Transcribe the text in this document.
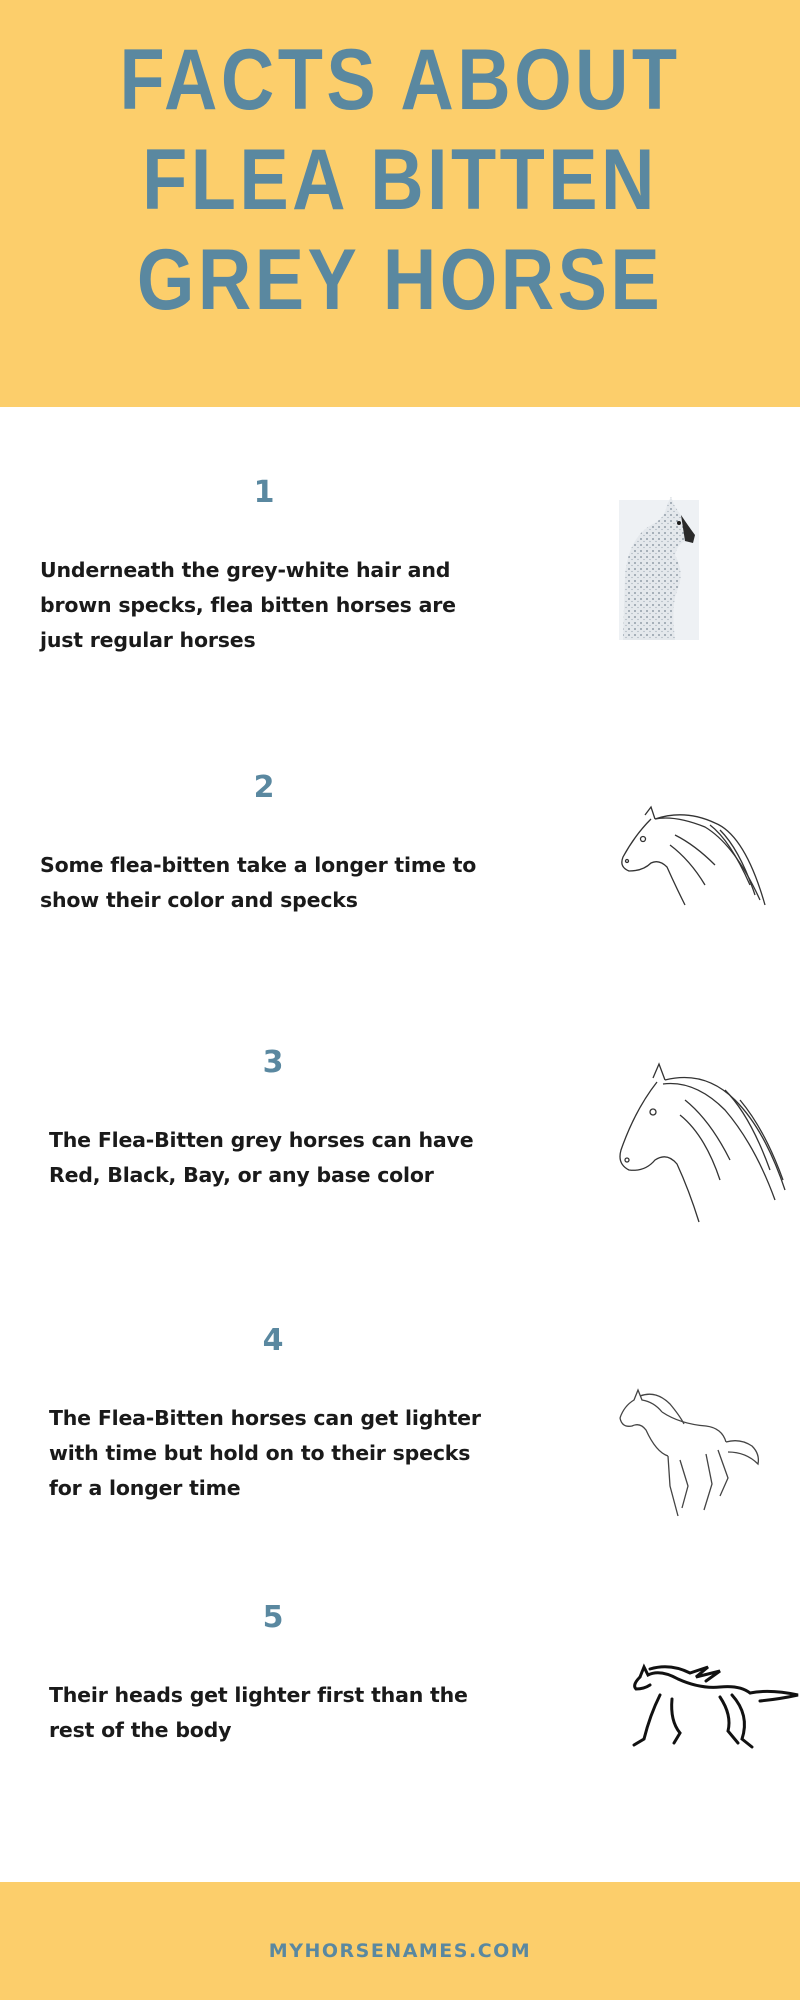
FACTS ABOUT
FLEA BITTEN
GREY HORSE
1
Underneath the grey-white hair and brown specks, flea bitten horses are just regular horses
2
Some flea-bitten take a longer time to show their color and specks
3
The Flea-Bitten grey horses can have Red, Black, Bay, or any base color
4
The Flea-Bitten horses can get lighter with time but hold on to their specks for a longer time
5
Their heads get lighter first than the rest of the body
MYHORSENAMES.COM
